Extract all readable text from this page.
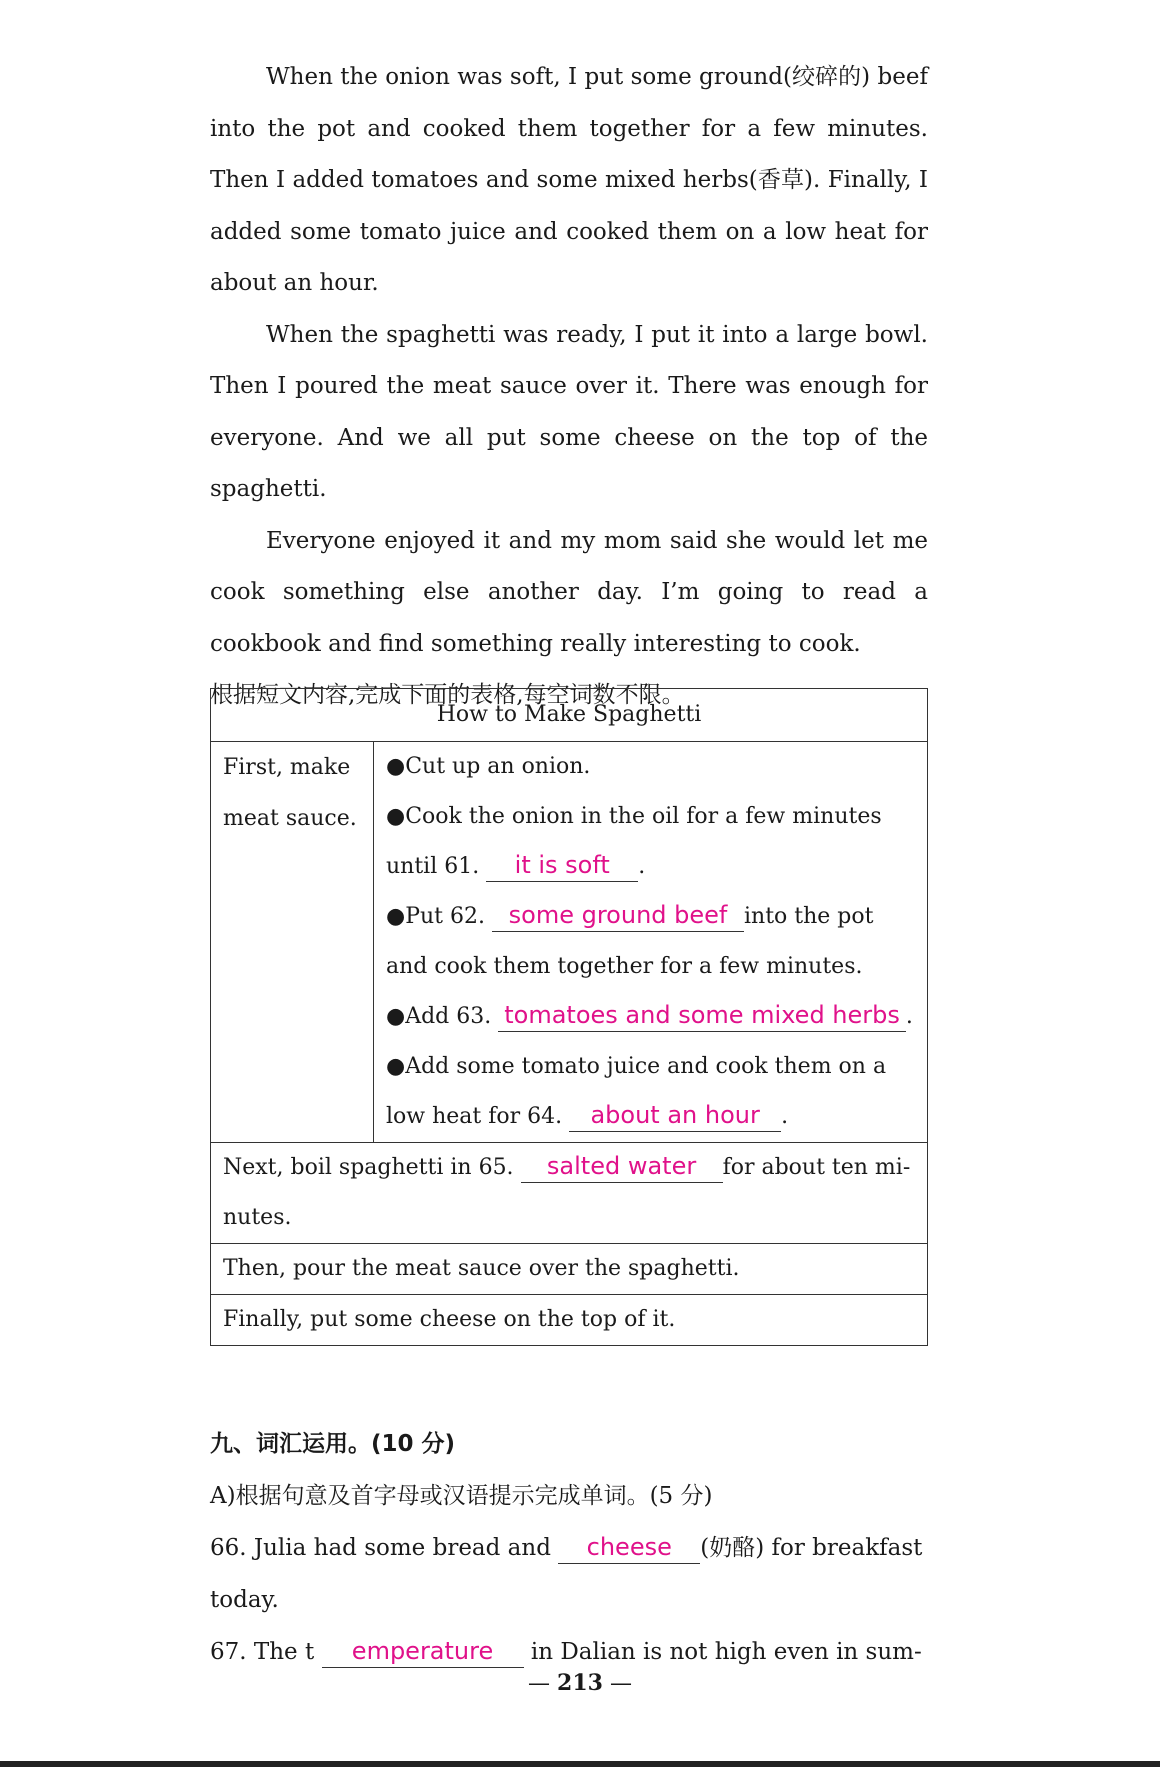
When the onion was soft, I put some ground(绞碎的) beef into the pot and cooked them together for a few minutes. Then I added tomatoes and some mixed herbs(香草). Finally, I added some tomato juice and cooked them on a low heat for about an hour.

When the spaghetti was ready, I put it into a large bowl. Then I poured the meat sauce over it. There was enough for everyone. And we all put some cheese on the top of the spaghetti.

Everyone enjoyed it and my mom said she would let me cook something else another day. I’m going to read a cookbook and find something really interesting to cook.

根据短文内容,完成下面的表格,每空词数不限。

How to Make Spaghetti
First, make meat sauce.	
●Cut up an onion.
●Cook the onion in the oil for a few minutes until 61. it is soft .
●Put 62. some ground beef into the pot and cook them together for a few minutes.
●Add 63. tomatoes and some mixed herbs .
●Add some tomato juice and cook them on a low heat for 64. about an hour .

Next, boil spaghetti in 65. salted water for about ten minutes.
Then, pour the meat sauce over the spaghetti.
Finally, put some cheese on the top of it.

九、词汇运用。(10 分)

A)根据句意及首字母或汉语提示完成单词。(5 分)

66. Julia had some bread and cheese (奶酪) for breakfast today.

67. The t emperature in Dalian is not high even in sum-

— 213 —
